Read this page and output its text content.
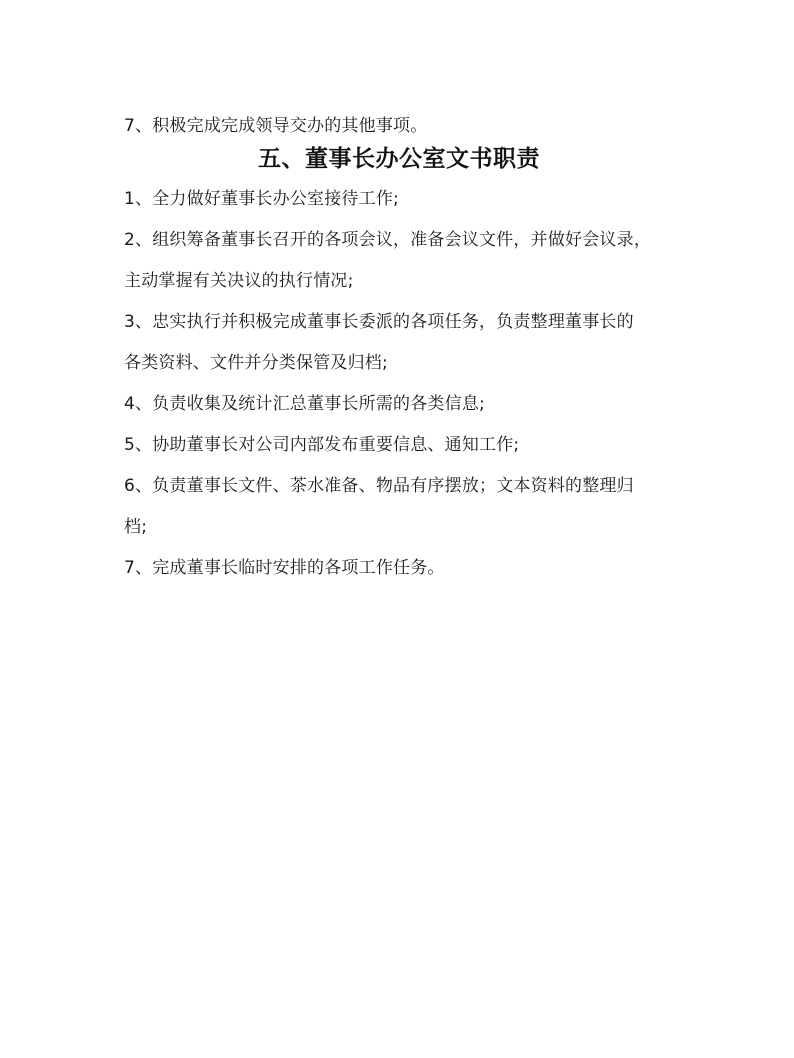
7、积极完成完成领导交办的其他事项。

五、董事长办公室文书职责

1、全力做好董事长办公室接待工作;

2、组织筹备董事长召开的各项会议，准备会议文件，并做好会议录，

主动掌握有关决议的执行情况;

3、忠实执行并积极完成董事长委派的各项任务，负责整理董事长的

各类资料、文件并分类保管及归档;

4、负责收集及统计汇总董事长所需的各类信息;

5、协助董事长对公司内部发布重要信息、通知工作;

6、负责董事长文件、茶水准备、物品有序摆放；文本资料的整理归

档;

7、完成董事长临时安排的各项工作任务。
